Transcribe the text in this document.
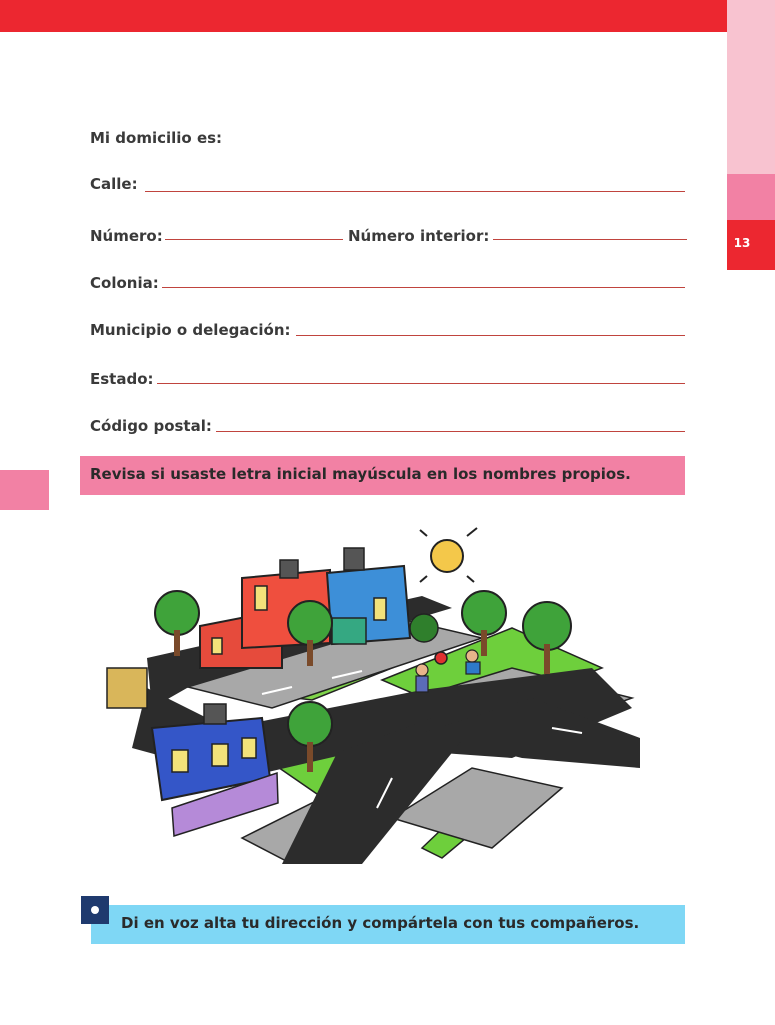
13
Mi domicilio es:
Calle:
Número:	Número interior:
Colonia:
Municipio o delegación:
Estado:
Código postal:
Revisa si usaste letra inicial mayúscula en los nombres propios.
Di en voz alta tu dirección y compártela con tus compañeros.
